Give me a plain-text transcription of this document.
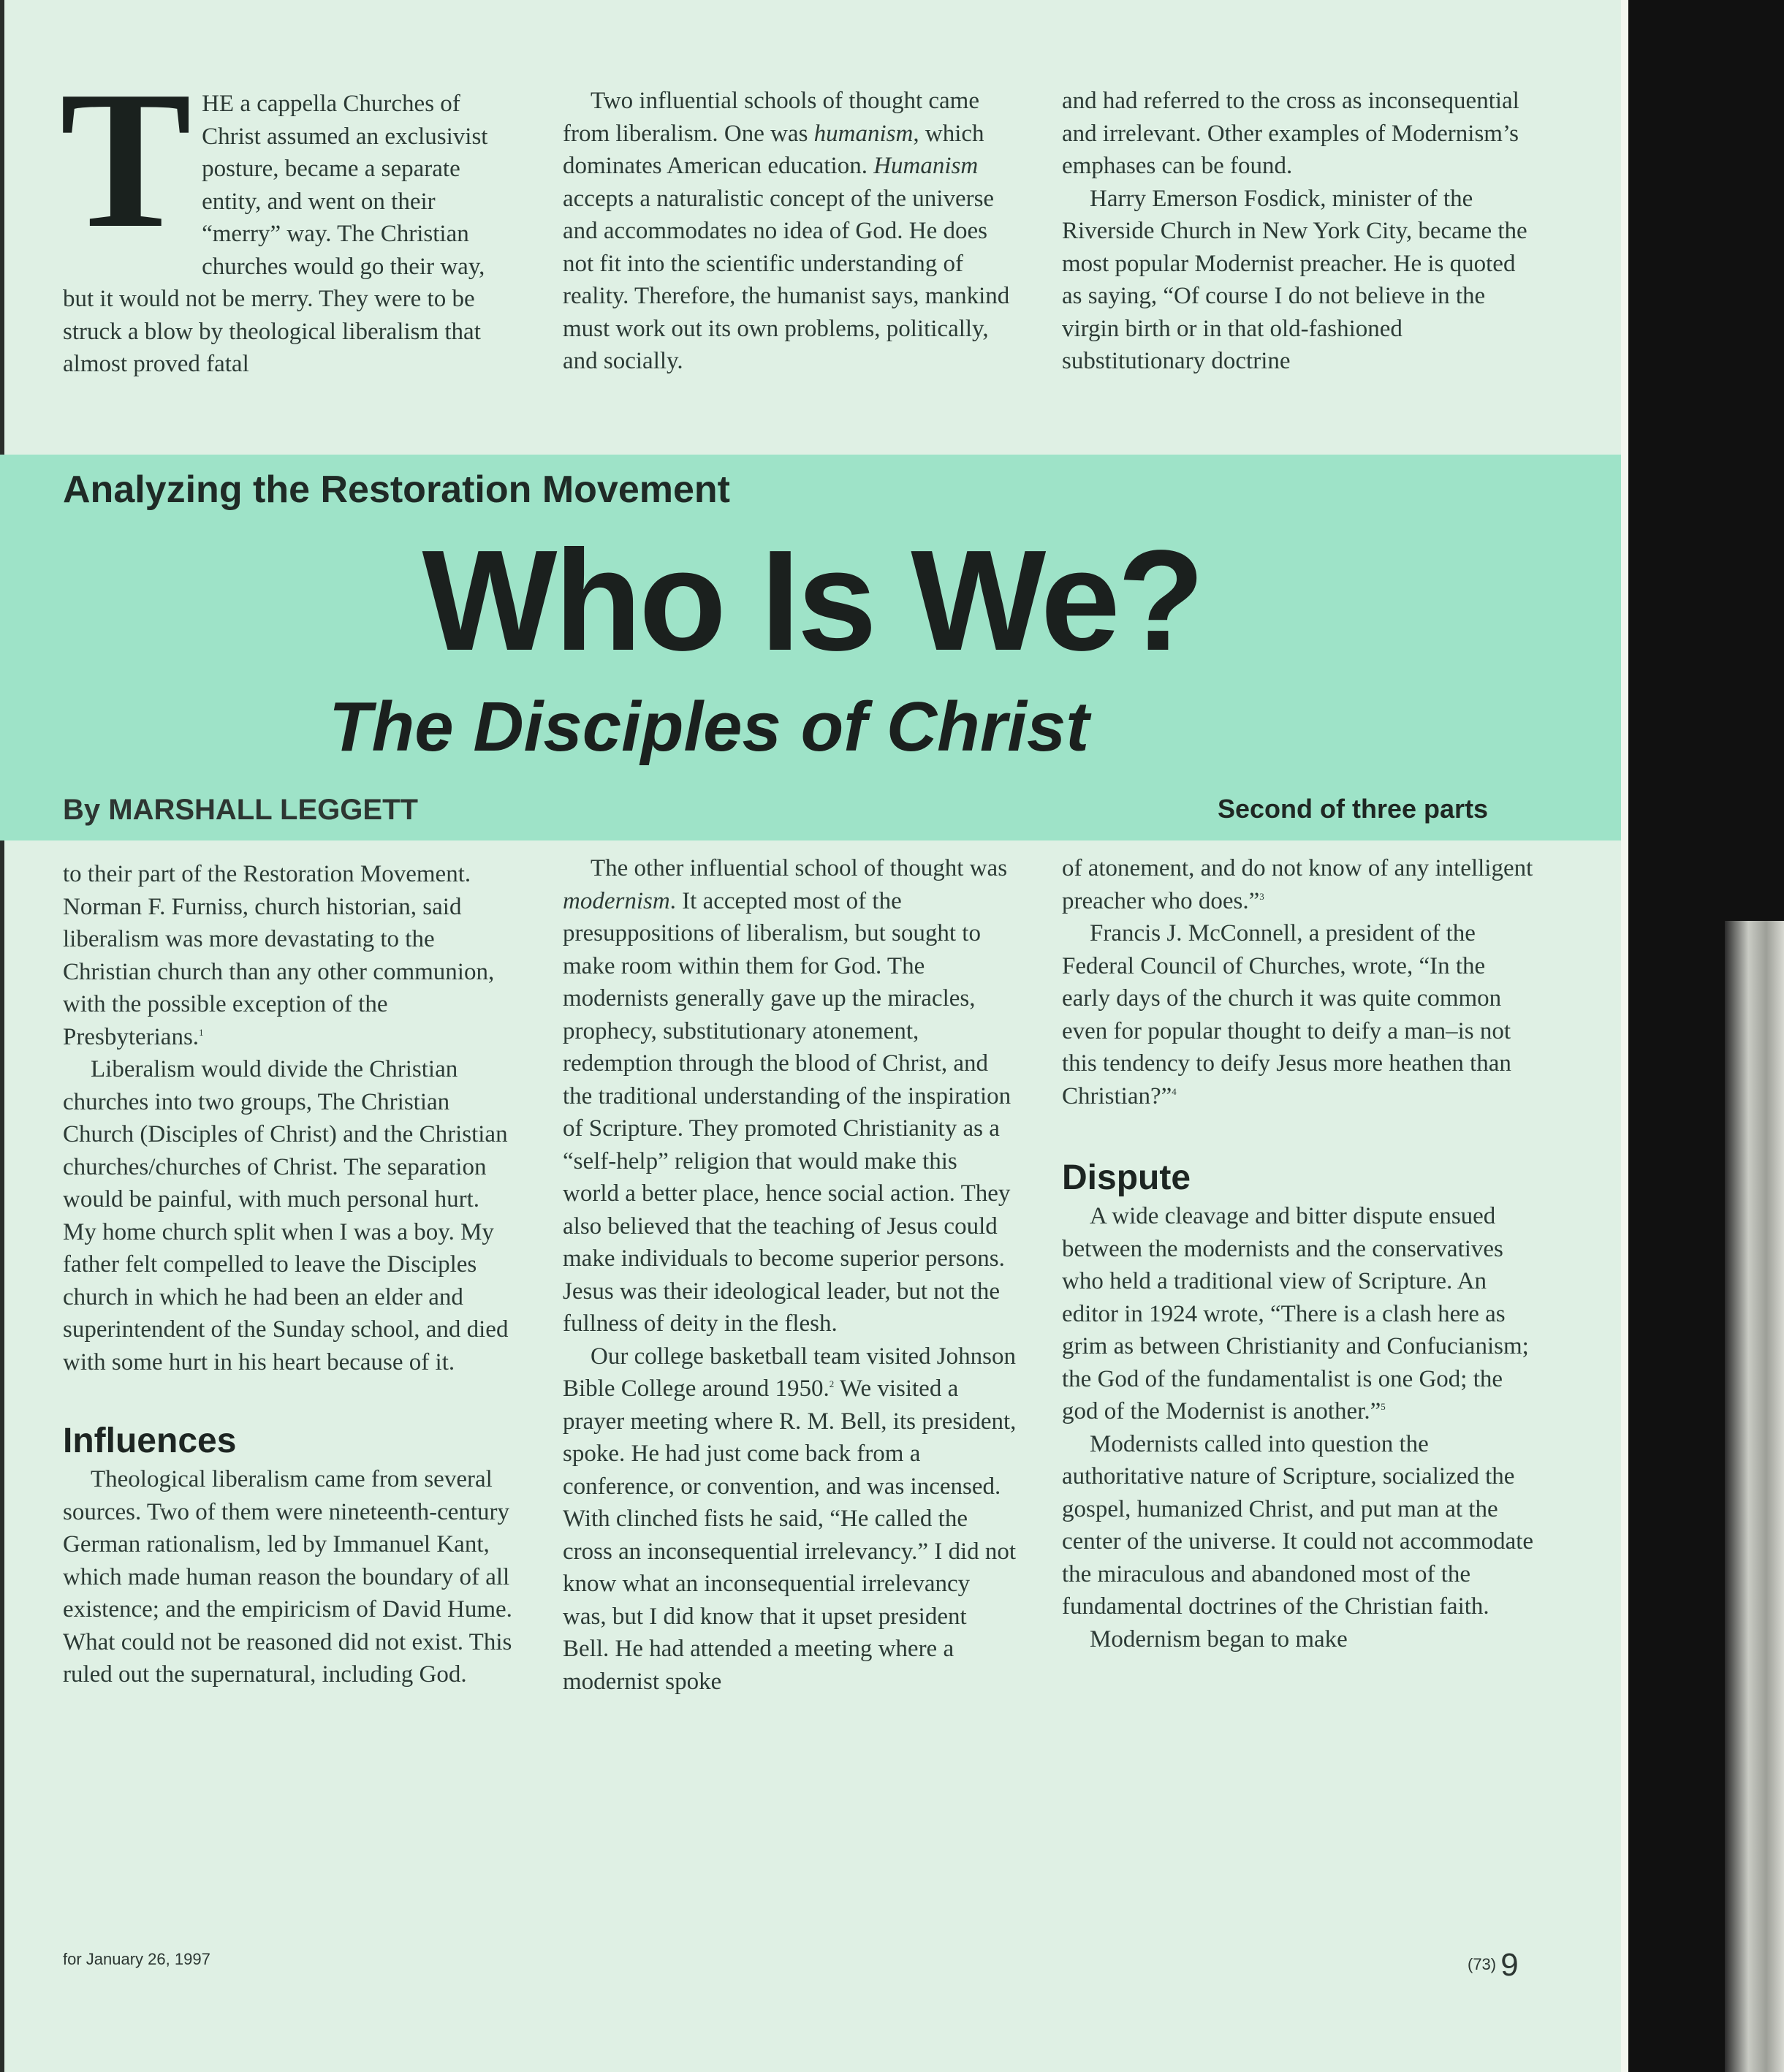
T HE a cappella Churches of Christ assumed an exclusivist posture, became a separate entity, and went on their “merry” way. The Christian churches would go their way, but it would not be merry. They were to be struck a blow by theological liberalism that almost proved fatal

Two influential schools of thought came from liberalism. One was humanism, which dominates American education. Humanism accepts a naturalistic concept of the universe and accommodates no idea of God. He does not fit into the scientific understanding of reality. Therefore, the humanist says, mankind must work out its own problems, politically, and socially.

and had referred to the cross as inconsequential and irrelevant. Other examples of Modernism’s emphases can be found.

Harry Emerson Fosdick, minister of the Riverside Church in New York City, became the most popular Modernist preacher. He is quoted as saying, “Of course I do not believe in the virgin birth or in that old-fashioned substitutionary doctrine

Analyzing the Restoration Movement
Who Is We?
The Disciples of Christ
By MARSHALL LEGGETT	Second of three parts

to their part of the Restoration Movement. Norman F. Furniss, church historian, said liberalism was more devastating to the Christian church than any other communion, with the possible exception of the Presbyterians.$^1$

Liberalism would divide the Christian churches into two groups, The Christian Church (Disciples of Christ) and the Christian churches/churches of Christ. The separation would be painful, with much personal hurt. My home church split when I was a boy. My father felt compelled to leave the Disciples church in which he had been an elder and superintendent of the Sunday school, and died with some hurt in his heart because of it.

Influences

Theological liberalism came from several sources. Two of them were nineteenth-century German rationalism, led by Immanuel Kant, which made human reason the boundary of all existence; and the empiricism of David Hume. What could not be reasoned did not exist. This ruled out the supernatural, including God.

The other influential school of thought was modernism. It accepted most of the presuppositions of liberalism, but sought to make room within them for God. The modernists generally gave up the miracles, prophecy, substitutionary atonement, redemption through the blood of Christ, and the traditional understanding of the inspiration of Scripture. They promoted Christianity as a “self-help” religion that would make this world a better place, hence social action. They also believed that the teaching of Jesus could make individuals to become superior persons. Jesus was their ideological leader, but not the fullness of deity in the flesh.

Our college basketball team visited Johnson Bible College around 1950.$^2$ We visited a prayer meeting where R. M. Bell, its president, spoke. He had just come back from a conference, or convention, and was incensed. With clinched fists he said, “He called the cross an inconsequential irrelevancy.” I did not know what an inconsequential irrelevancy was, but I did know that it upset president Bell. He had attended a meeting where a modernist spoke

of atonement, and do not know of any intelligent preacher who does.”$^3$

Francis J. McConnell, a president of the Federal Council of Churches, wrote, “In the early days of the church it was quite common even for popular thought to deify a man–is not this tendency to deify Jesus more heathen than Christian?”$^4$

Dispute

A wide cleavage and bitter dispute ensued between the modernists and the conservatives who held a traditional view of Scripture. An editor in 1924 wrote, “There is a clash here as grim as between Christianity and Confucianism; the God of the fundamentalist is one God; the god of the Modernist is another.”$^5$

Modernists called into question the authoritative nature of Scripture, socialized the gospel, humanized Christ, and put man at the center of the universe. It could not accommodate the miraculous and abandoned most of the fundamental doctrines of the Christian faith.

Modernism began to make

for January 26, 1997	(73) 9
